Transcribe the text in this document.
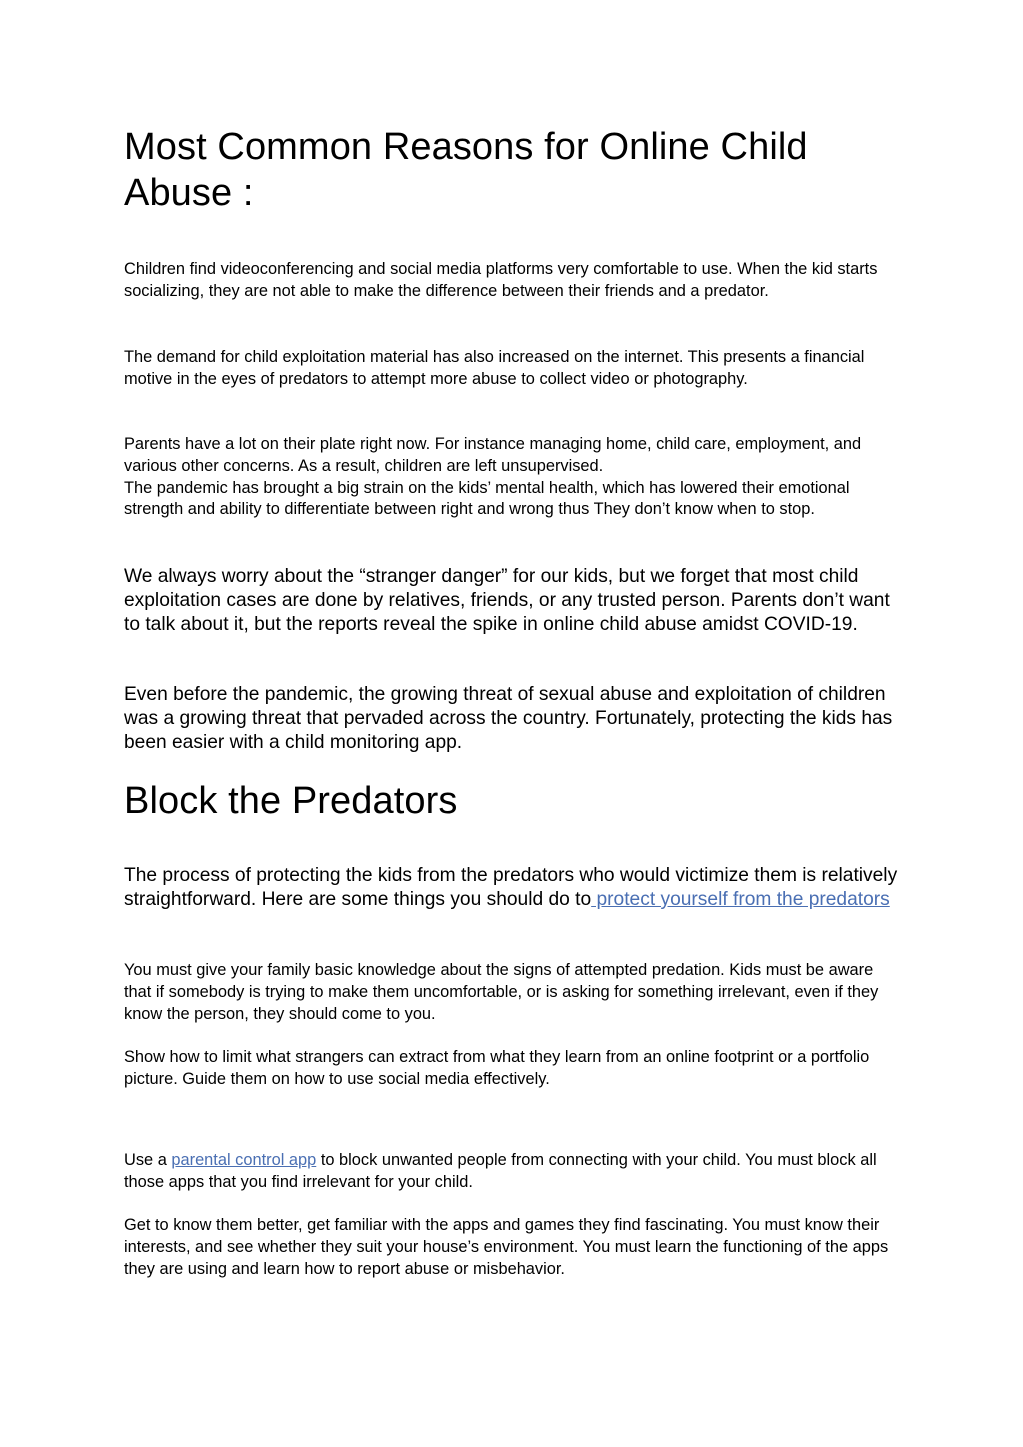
Most Common Reasons for Online Child Abuse :

Children find videoconferencing and social media platforms very comfortable to use. When the kid starts socializing, they are not able to make the difference between their friends and a predator.

The demand for child exploitation material has also increased on the internet. This presents a financial motive in the eyes of predators to attempt more abuse to collect video or photography.

Parents have a lot on their plate right now. For instance managing home, child care, employment, and various other concerns. As a result, children are left unsupervised.
The pandemic has brought a big strain on the kids’ mental health, which has lowered their emotional strength and ability to differentiate between right and wrong thus They don’t know when to stop.

We always worry about the “stranger danger” for our kids, but we forget that most child exploitation cases are done by relatives, friends, or any trusted person. Parents don’t want to talk about it, but the reports reveal the spike in online child abuse amidst COVID-19.

Even before the pandemic, the growing threat of sexual abuse and exploitation of children was a growing threat that pervaded across the country. Fortunately, protecting the kids has been easier with a child monitoring app.

Block the Predators

The process of protecting the kids from the predators who would victimize them is relatively straightforward. Here are some things you should do to protect yourself from the predators

You must give your family basic knowledge about the signs of attempted predation. Kids must be aware that if somebody is trying to make them uncomfortable, or is asking for something irrelevant, even if they know the person, they should come to you.

Show how to limit what strangers can extract from what they learn from an online footprint or a portfolio picture. Guide them on how to use social media effectively.

Use a parental control app to block unwanted people from connecting with your child. You must block all those apps that you find irrelevant for your child.

Get to know them better, get familiar with the apps and games they find fascinating. You must know their interests, and see whether they suit your house’s environment. You must learn the functioning of the apps they are using and learn how to report abuse or misbehavior.
